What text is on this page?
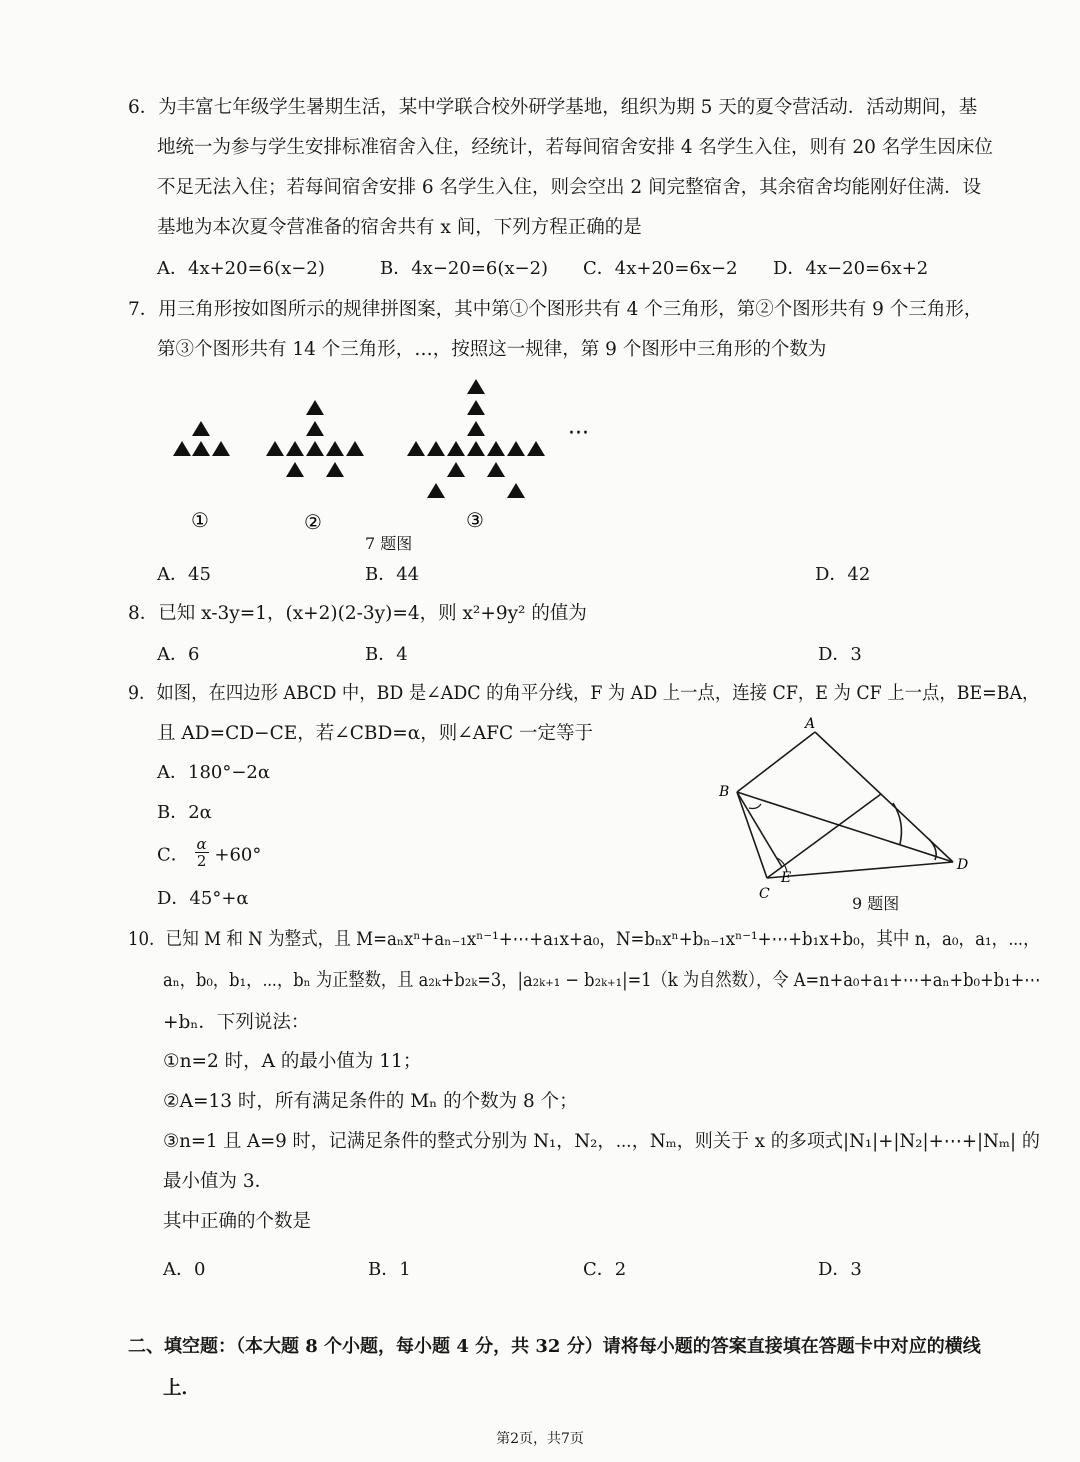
6．为丰富七年级学生暑期生活，某中学联合校外研学基地，组织为期 5 天的夏令营活动．活动期间，基
地统一为参与学生安排标准宿舍入住，经统计，若每间宿舍安排 4 名学生入住，则有 20 名学生因床位
不足无法入住；若每间宿舍安排 6 名学生入住，则会空出 2 间完整宿舍，其余宿舍均能刚好住满．设
基地为本次夏令营准备的宿舍共有 x 间，下列方程正确的是
A．4x+20=6(x−2)	B．4x−20=6(x−2) C．4x+20=6x−2 D．4x−20=6x+2
7．用三角形按如图所示的规律拼图案，其中第①个图形共有 4 个三角形，第②个图形共有 9 个三角形，
第③个图形共有 14 个三角形，…，按照这一规律，第 9 个图形中三角形的个数为
···
①	②	③
7 题图
A．45	B．44	D．42
8．已知 x-3y=1，(x+2)(2-3y)=4，则 x²+9y² 的值为
A．6	B．4	D．3
9．如图，在四边形 ABCD 中，BD 是∠ADC 的角平分线，F 为 AD 上一点，连接 CF，E 为 CF 上一点，BE=BA，
且 AD=CD−CE，若∠CBD=α，则∠AFC 一定等于
A．180°−2α
B．2α
C． $\frac{\alpha}{2} +60^\circ$
D．45°+α
A
B
C
D
E
9 题图
10．已知 M 和 N 为整式，且 M=aₙxⁿ+aₙ₋₁xⁿ⁻¹+⋯+a₁x+a₀，N=bₙxⁿ+bₙ₋₁xⁿ⁻¹+⋯+b₁x+b₀，其中 n，a₀，a₁，⋯，
aₙ，b₀，b₁，⋯，bₙ 为正整数，且 a₂ₖ+b₂ₖ=3，|a₂ₖ₊₁ − b₂ₖ₊₁|=1（k 为自然数），令 A=n+a₀+a₁+⋯+aₙ+b₀+b₁+⋯
+bₙ．下列说法：
①n=2 时，A 的最小值为 11；
②A=13 时，所有满足条件的 Mₙ 的个数为 8 个；
③n=1 且 A=9 时，记满足条件的整式分别为 N₁，N₂，⋯，Nₘ，则关于 x 的多项式|N₁|+|N₂|+⋯+|Nₘ| 的
最小值为 3．
其中正确的个数是
A．0	B．1	C．2	D．3
二、填空题：（本大题 8 个小题，每小题 4 分，共 32 分）请将每小题的答案直接填在答题卡中对应的横线
上．
第2页，共7页
